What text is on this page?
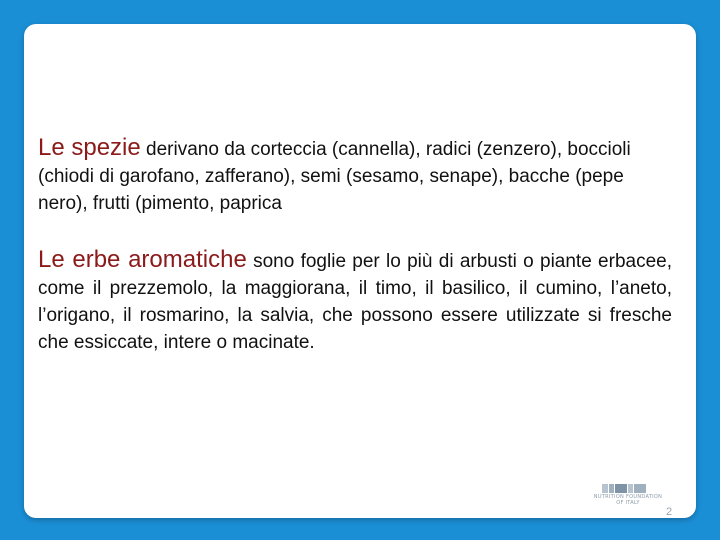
Le spezie derivano da corteccia (cannella), radici (zenzero), boccioli (chiodi di garofano, zafferano), semi (sesamo, senape), bacche (pepe nero), frutti (pimento, paprica
Le erbe aromatiche sono foglie per lo più di arbusti o piante erbacee, come il prezzemolo, la maggiorana, il timo, il basilico, il cumino, l’aneto, l’origano, il rosmarino, la salvia, che possono essere utilizzate si fresche che essiccate, intere o macinate.
NUTRITION FOUNDATION
OF ITALY
2
